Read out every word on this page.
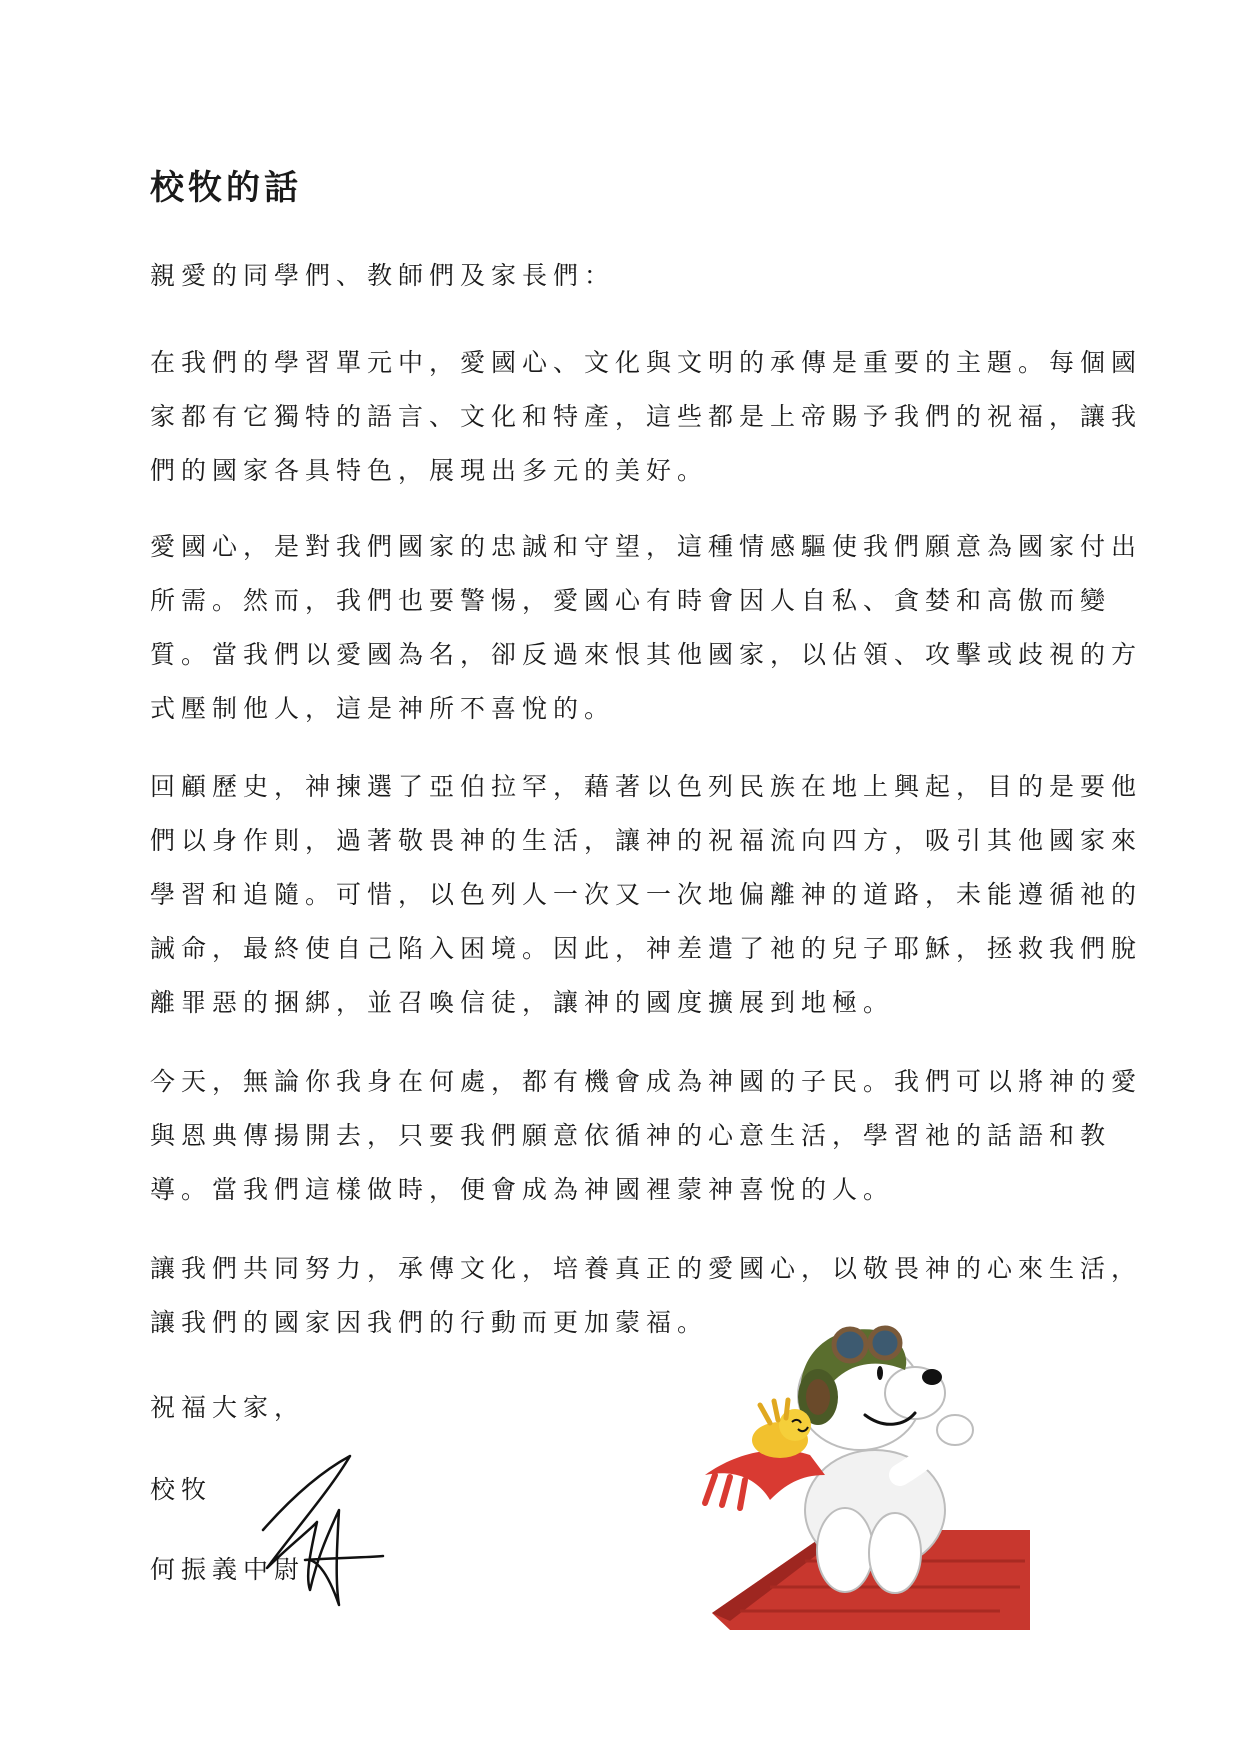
校牧的話
親愛的同學們、教師們及家長們：
在我們的學習單元中，愛國心、文化與文明的承傳是重要的主題。每個國
家都有它獨特的語言、文化和特產，這些都是上帝賜予我們的祝福，讓我
們的國家各具特色，展現出多元的美好。
愛國心，是對我們國家的忠誠和守望，這種情感驅使我們願意為國家付出
所需。然而，我們也要警惕，愛國心有時會因人自私、貪婪和高傲而變
質。當我們以愛國為名，卻反過來恨其他國家，以佔領、攻擊或歧視的方
式壓制他人，這是神所不喜悅的。
回顧歷史，神揀選了亞伯拉罕，藉著以色列民族在地上興起，目的是要他
們以身作則，過著敬畏神的生活，讓神的祝福流向四方，吸引其他國家來
學習和追隨。可惜，以色列人一次又一次地偏離神的道路，未能遵循祂的
誡命，最終使自己陷入困境。因此，神差遣了祂的兒子耶穌，拯救我們脫
離罪惡的捆綁，並召喚信徒，讓神的國度擴展到地極。
今天，無論你我身在何處，都有機會成為神國的子民。我們可以將神的愛
與恩典傳揚開去，只要我們願意依循神的心意生活，學習祂的話語和教
導。當我們這樣做時，便會成為神國裡蒙神喜悅的人。
讓我們共同努力，承傳文化，培養真正的愛國心，以敬畏神的心來生活，
讓我們的國家因我們的行動而更加蒙福。
祝福大家，
校牧
何振義中尉
